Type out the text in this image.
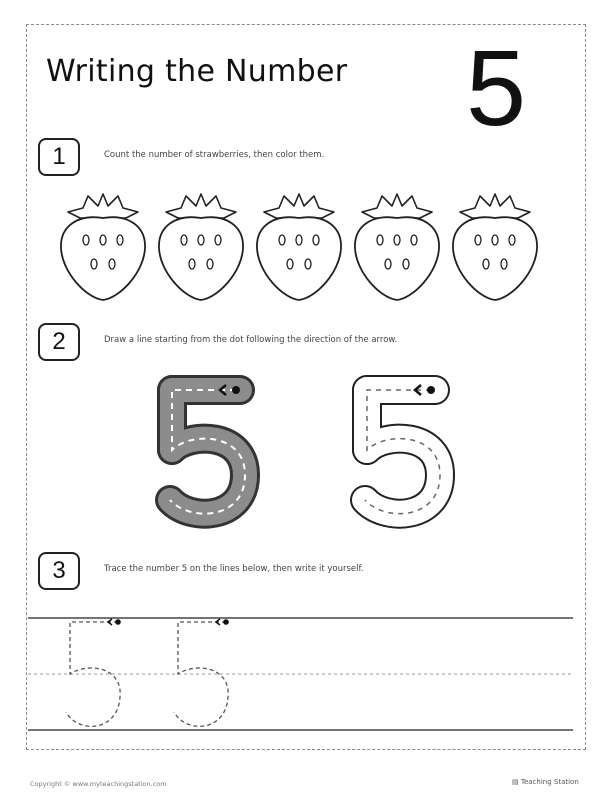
Writing the Number 5
1	Count the number of strawberries, then color them.
2	Draw a line starting from the dot following the direction of the arrow.
3	Trace the number 5 on the lines below, then write it yourself.
Copyright © www.myteachingstation.com	▤ Teaching Station
